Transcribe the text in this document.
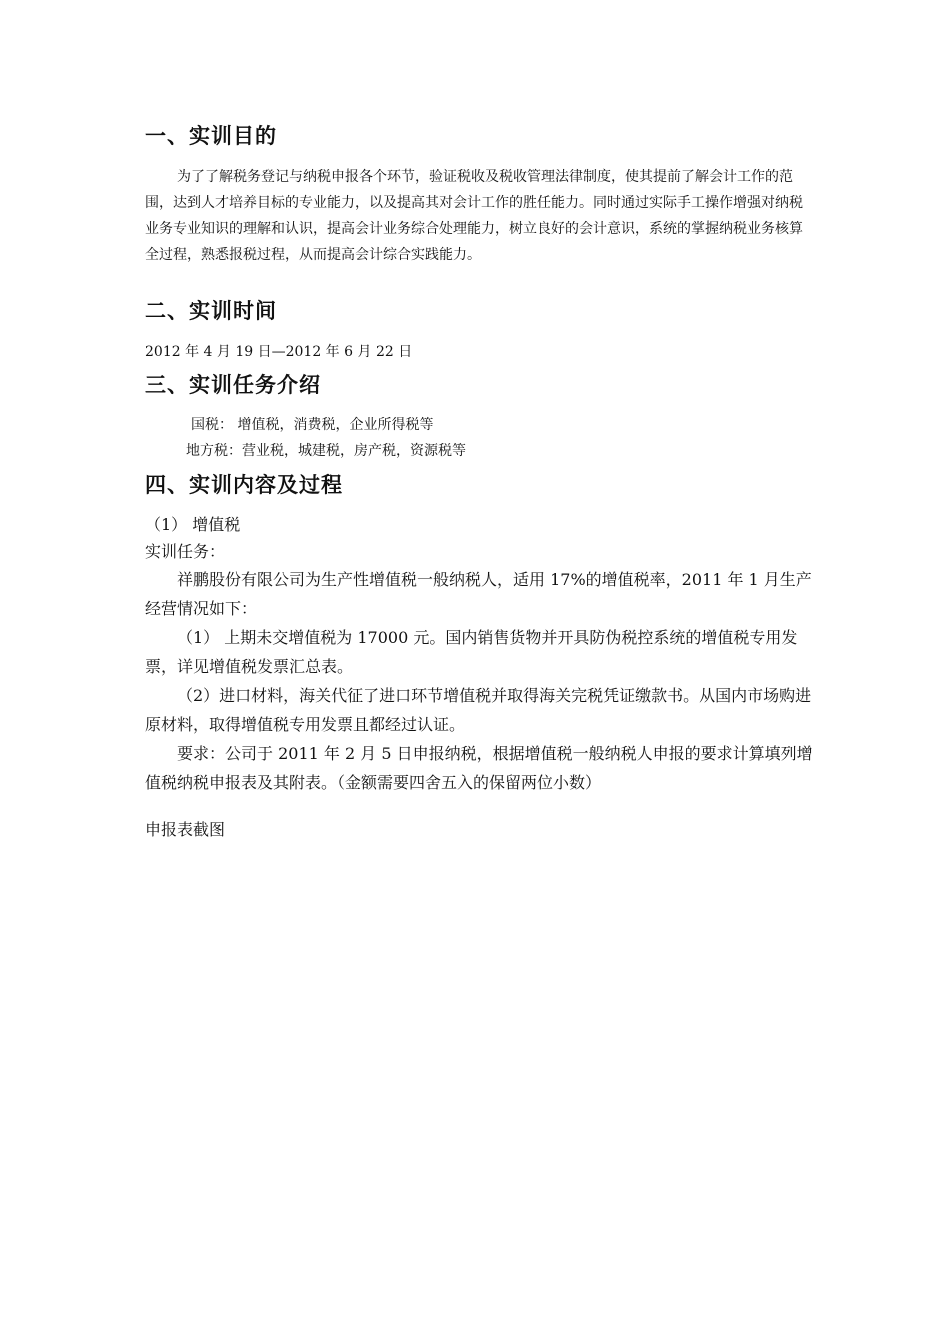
一、实训目的

为了了解税务登记与纳税申报各个环节，验证税收及税收管理法律制度，使其提前了解会计工作的范围，达到人才培养目标的专业能力，以及提高其对会计工作的胜任能力。同时通过实际手工操作增强对纳税业务专业知识的理解和认识，提高会计业务综合处理能力，树立良好的会计意识，系统的掌握纳税业务核算全过程，熟悉报税过程，从而提高会计综合实践能力。

二、实训时间
2012 年 4 月 19 日—2012 年 6 月 22 日
三、实训任务介绍
国税： 增值税，消费税，企业所得税等
地方税：营业税，城建税，房产税，资源税等
四、实训内容及过程
（1） 增值税
实训任务：

祥鹏股份有限公司为生产性增值税一般纳税人，适用 17%的增值税率，2011 年 1 月生产经营情况如下：

（1） 上期未交增值税为 17000 元。国内销售货物并开具防伪税控系统的增值税专用发票，详见增值税发票汇总表。

（2）进口材料，海关代征了进口环节增值税并取得海关完税凭证缴款书。从国内市场购进原材料，取得增值税专用发票且都经过认证。

要求：公司于 2011 年 2 月 5 日申报纳税，根据增值税一般纳税人申报的要求计算填列增值税纳税申报表及其附表。（金额需要四舍五入的保留两位小数）

申报表截图
